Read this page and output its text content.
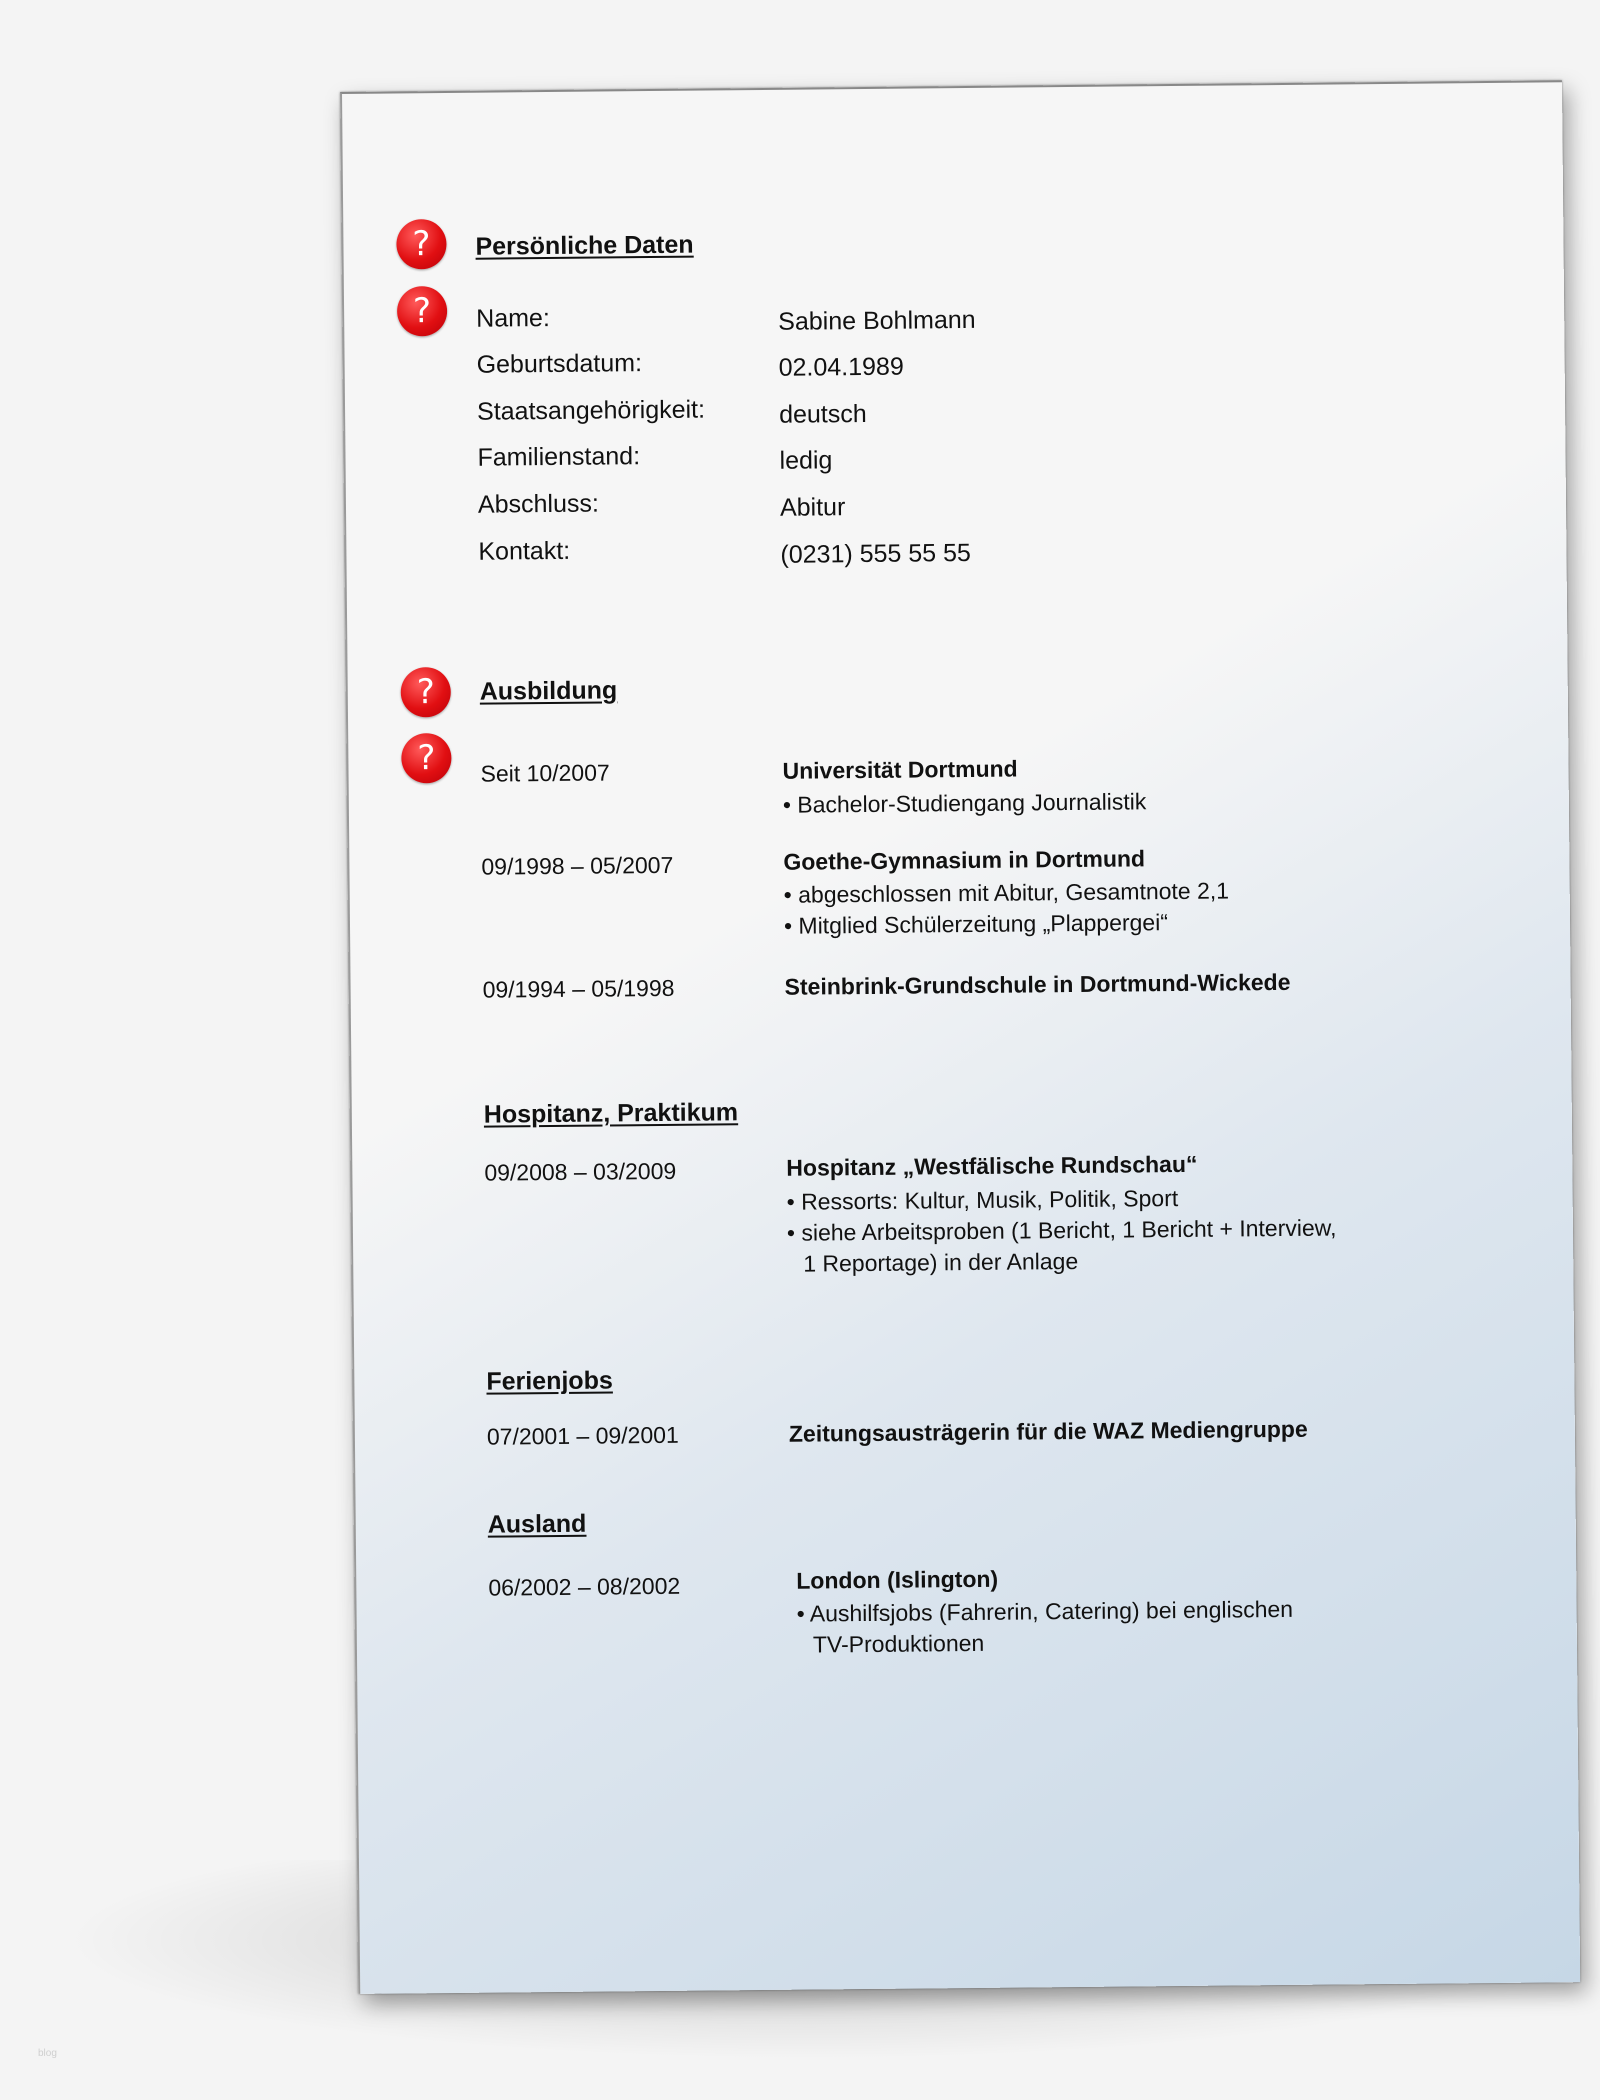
?
?
?
?
Persönliche Daten
Name:	Sabine Bohlmann
Geburtsdatum:	02.04.1989
Staatsangehörigkeit:	deutsch
Familienstand:	ledig
Abschluss:	Abitur
Kontakt:	(0231) 555 55 55
Ausbildung
Seit 10/2007	Universität Dortmund
• Bachelor-Studiengang Journalistik
09/1998 – 05/2007	Goethe-Gymnasium in Dortmund
• abgeschlossen mit Abitur, Gesamtnote 2,1
• Mitglied Schülerzeitung „Plappergei“
09/1994 – 05/1998	Steinbrink-Grundschule in Dortmund-Wickede
Hospitanz, Praktikum
09/2008 – 03/2009	Hospitanz „Westfälische Rundschau“
• Ressorts: Kultur, Musik, Politik, Sport
• siehe Arbeitsproben (1 Bericht, 1 Bericht + Interview,
1 Reportage) in der Anlage
Ferienjobs
07/2001 – 09/2001	Zeitungsausträgerin für die WAZ Mediengruppe
Ausland
06/2002 – 08/2002	London (Islington)
• Aushilfsjobs (Fahrerin, Catering) bei englischen
TV-Produktionen
blog
